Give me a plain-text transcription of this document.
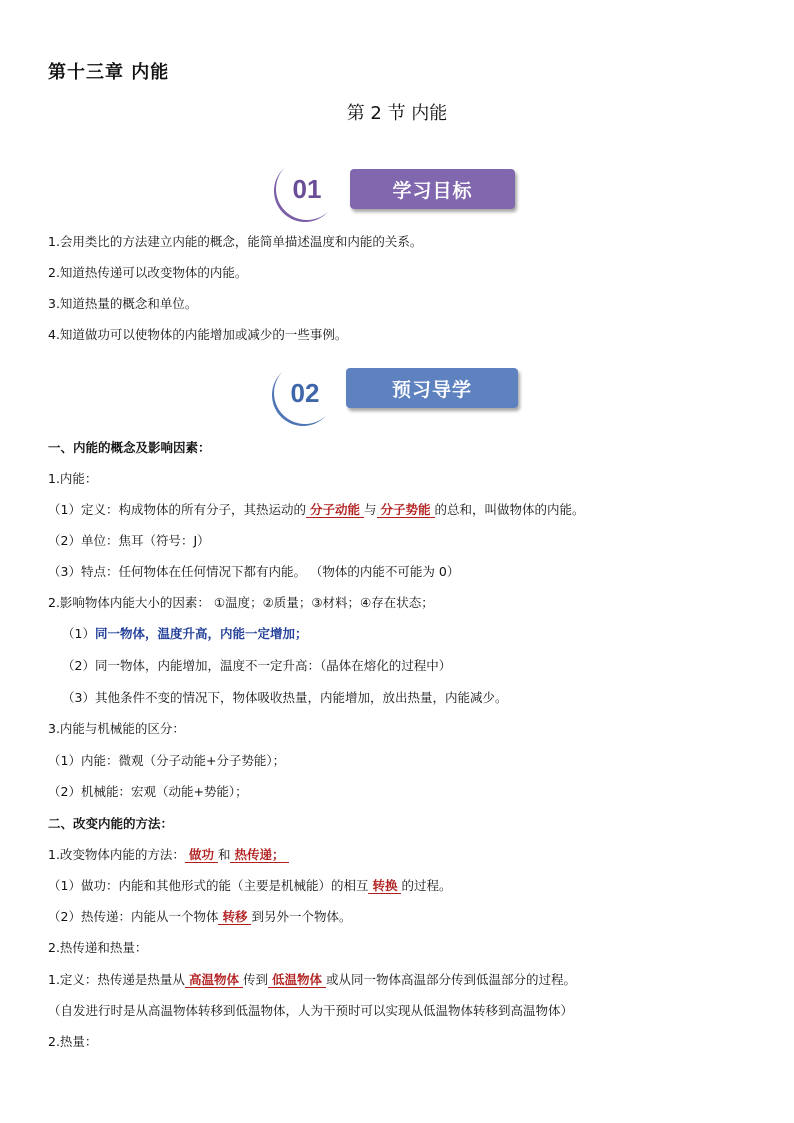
第十三章 内能
第 2 节 内能
学习目标
01
1.会用类比的方法建立内能的概念，能简单描述温度和内能的关系。
2.知道热传递可以改变物体的内能。
3.知道热量的概念和单位。
4.知道做功可以使物体的内能增加或减少的一些事例。
预习导学
02
一、内能的概念及影响因素：
1.内能：
（1）定义：构成物体的所有分子，其热运动的 分子动能 与 分子势能 的总和，叫做物体的内能。
（2）单位：焦耳（符号：J）
（3）特点：任何物体在任何情况下都有内能。 （物体的内能不可能为 0）
2.影响物体内能大小的因素： ①温度；②质量；③材料；④存在状态；
（1）同一物体，温度升高，内能一定增加；
（2）同一物体，内能增加，温度不一定升高：（晶体在熔化的过程中）
（3）其他条件不变的情况下，物体吸收热量，内能增加，放出热量，内能减少。
3.内能与机械能的区分：
（1）内能：微观（分子动能+分子势能）；
（2）机械能：宏观（动能+势能）；
二、改变内能的方法：
1.改变物体内能的方法： 做功 和 热传递；
（1）做功：内能和其他形式的能（主要是机械能）的相互 转换 的过程。
（2）热传递：内能从一个物体 转移 到另外一个物体。
2.热传递和热量：
1.定义：热传递是热量从 高温物体 传到 低温物体 或从同一物体高温部分传到低温部分的过程。
（自发进行时是从高温物体转移到低温物体，人为干预时可以实现从低温物体转移到高温物体）
2.热量：
